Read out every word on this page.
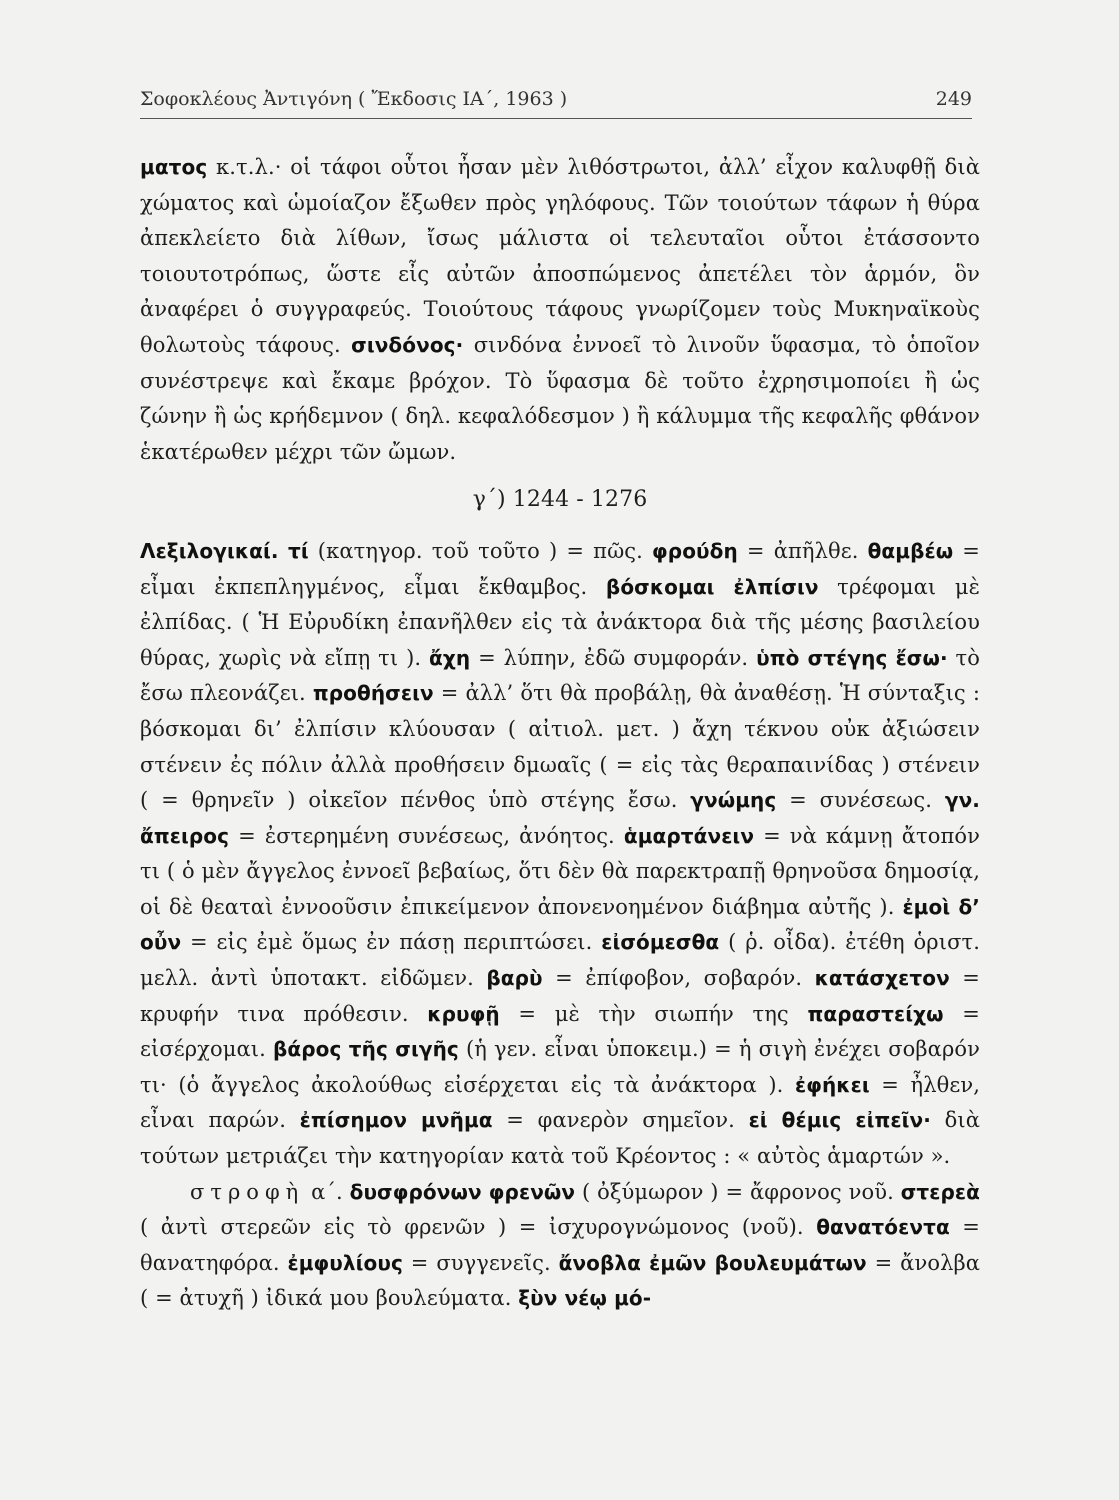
Σοφοκλέους Ἀντιγόνη ( Ἔκδοσις ΙΑ΄, 1963 )	249

ματος κ.τ.λ.· οἱ τάφοι οὗτοι ἦσαν μὲν λιθόστρωτοι, ἀλλ’ εἶχον καλυφθῇ διὰ χώματος καὶ ὡμοίαζον ἔξωθεν πρὸς γηλόφους. Τῶν τοιούτων τάφων ἡ θύρα ἀπεκλείετο διὰ λίθων, ἴσως μάλιστα οἱ τελευταῖοι οὗτοι ἐτάσσοντο τοιουτοτρόπως, ὥστε εἶς αὐτῶν ἀποσπώμενος ἀπετέλει τὸν ἁρμόν, ὃν ἀναφέρει ὁ συγγραφεύς. Τοιούτους τάφους γνωρίζομεν τοὺς Μυκηναϊκοὺς θολωτοὺς τάφους. σινδόνος· σινδόνα ἐννοεῖ τὸ λινοῦν ὕφασμα, τὸ ὁποῖον συνέστρεψε καὶ ἔκαμε βρόχον. Τὸ ὕφασμα δὲ τοῦτο ἐχρησιμοποίει ἢ ὡς ζώνην ἢ ὡς κρήδεμνον ( δηλ. κεφαλόδεσμον ) ἢ κάλυμμα τῆς κεφαλῆς φθάνον ἑκατέρωθεν μέχρι τῶν ὤμων.

γ΄) 1244 - 1276

Λεξιλογικαί. τί (κατηγορ. τοῦ τοῦτο ) = πῶς. φρούδη = ἀπῆλθε. θαμβέω = εἶμαι ἐκπεπληγμένος, εἶμαι ἔκθαμβος. βόσκομαι ἐλπίσιν τρέφομαι μὲ ἐλπίδας. ( Ἡ Εὐρυδίκη ἐπανῆλθεν εἰς τὰ ἀνάκτορα διὰ τῆς μέσης βασιλείου θύρας, χωρὶς νὰ εἴπῃ τι ). ἄχη = λύπην, ἐδῶ συμφοράν. ὑπὸ στέγης ἔσω· τὸ ἔσω πλεονάζει. προθήσειν = ἀλλ’ ὅτι θὰ προβάλῃ, θὰ ἀναθέσῃ. Ἡ σύνταξις : βόσκομαι δι’ ἐλπίσιν κλύουσαν ( αἰτιολ. μετ. ) ἄχη τέκνου οὐκ ἀξιώσειν στένειν ἐς πόλιν ἀλλὰ προθήσειν δμωαῖς ( = εἰς τὰς θεραπαινίδας ) στένειν ( = θρηνεῖν ) οἰκεῖον πένθος ὑπὸ στέγης ἔσω. γνώμης = συνέσεως. γν. ἄπειρος = ἐστερημένη συνέσεως, ἀνόητος. ἁμαρτάνειν = νὰ κάμνῃ ἄτοπόν τι ( ὁ μὲν ἄγγελος ἐννοεῖ βεβαίως, ὅτι δὲν θὰ παρεκτραπῇ θρηνοῦσα δημοσίᾳ, οἱ δὲ θεαταὶ ἐννοοῦσιν ἐπικείμενον ἀπονενοημένον διάβημα αὐτῆς ). ἐμοὶ δ’ οὖν = εἰς ἐμὲ ὅμως ἐν πάσῃ περιπτώσει. εἰσόμεσθα ( ῥ. οἶδα). ἐτέθη ὁριστ. μελλ. ἀντὶ ὑποτακτ. εἰδῶμεν. βαρὺ = ἐπίφοβον, σοβαρόν. κατάσχετον = κρυφήν τινα πρόθεσιν. κρυφῇ = μὲ τὴν σιωπήν της παραστείχω = εἰσέρχομαι. βάρος τῆς σιγῆς (ἡ γεν. εἶναι ὑποκειμ.) = ἡ σιγὴ ἐνέχει σοβαρόν τι· (ὁ ἄγγελος ἀκολούθως εἰσέρχεται εἰς τὰ ἀνάκτορα ). ἐφήκει = ἦλθεν, εἶναι παρών. ἐπίσημον μνῆμα = φανερὸν σημεῖον. εἰ θέμις εἰπεῖν· διὰ τούτων μετριάζει τὴν κατηγορίαν κατὰ τοῦ Κρέοντος : « αὐτὸς ἁμαρτών ».

στροφὴ α΄. δυσφρόνων φρενῶν ( ὀξύμωρον ) = ἄφρονος νοῦ. στερεὰ ( ἀντὶ στερεῶν εἰς τὸ φρενῶν ) = ἰσχυρογνώμονος (νοῦ). θανατόεντα = θανατηφόρα. ἐμφυλίους = συγγενεῖς. ἄνοβλα ἐμῶν βουλευμάτων = ἄνολβα ( = ἀτυχῆ ) ἰδικά μου βουλεύματα. ξὺν νέῳ μό-
